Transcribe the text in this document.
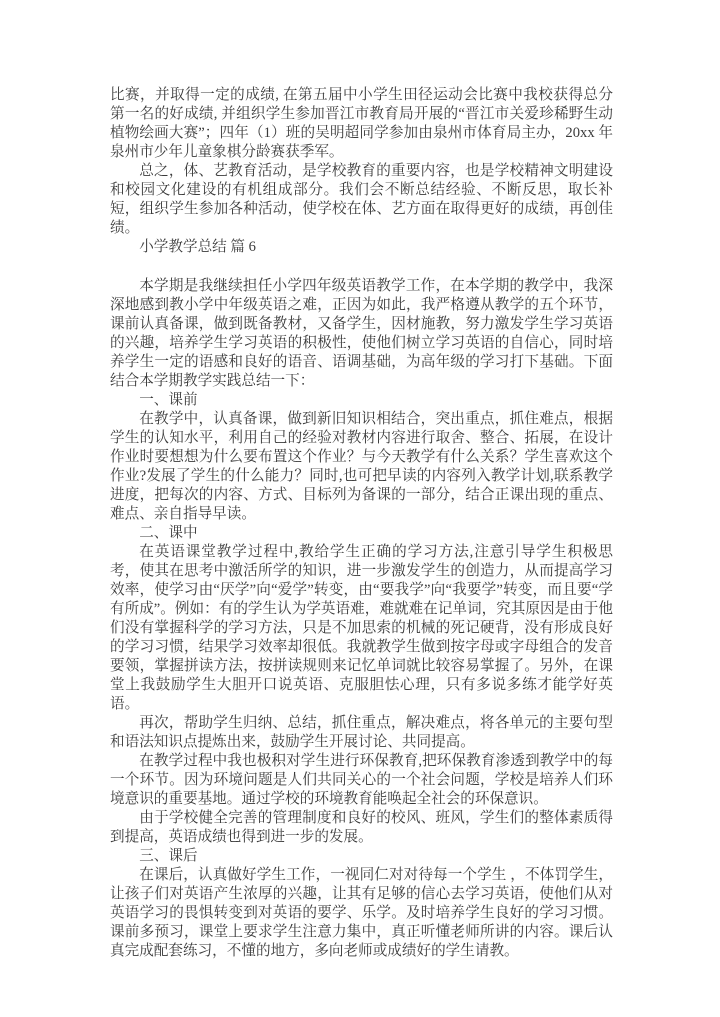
比赛，并取得一定的成绩, 在第五届中小学生田径运动会比赛中我校获得总分第一名的好成绩, 并组织学生参加晋江市教育局开展的“晋江市关爱珍稀野生动植物绘画大赛”；四年（1）班的吴明超同学参加由泉州市体育局主办，20xx 年泉州市少年儿童象棋分龄赛获季军。

总之，体、艺教育活动，是学校教育的重要内容，也是学校精神文明建设和校园文化建设的有机组成部分。我们会不断总结经验、不断反思，取长补短，组织学生参加各种活动，使学校在体、艺方面在取得更好的成绩，再创佳绩。

小学教学总结 篇 6

本学期是我继续担任小学四年级英语教学工作，在本学期的教学中，我深深地感到教小学中年级英语之难，正因为如此，我严格遵从教学的五个环节，课前认真备课，做到既备教材，又备学生，因材施教，努力激发学生学习英语的兴趣，培养学生学习英语的积极性，使他们树立学习英语的自信心，同时培养学生一定的语感和良好的语音、语调基础，为高年级的学习打下基础。下面结合本学期教学实践总结一下：

一、课前

在教学中，认真备课，做到新旧知识相结合，突出重点，抓住难点，根据学生的认知水平，利用自己的经验对教材内容进行取舍、整合、拓展，在设计作业时要想想为什么要布置这个作业？与今天教学有什么关系？学生喜欢这个作业?发展了学生的什么能力？同时,也可把早读的内容列入教学计划,联系教学进度，把每次的内容、方式、目标列为备课的一部分，结合正课出现的重点、难点、亲自指导早读。

二、课中

在英语课堂教学过程中,教给学生正确的学习方法,注意引导学生积极思考，使其在思考中激活所学的知识，进一步激发学生的创造力，从而提高学习效率，使学习由“厌学”向“爱学”转变，由“要我学”向“我要学”转变，而且要“学有所成”。例如：有的学生认为学英语难，难就难在记单词，究其原因是由于他们没有掌握科学的学习方法，只是不加思索的机械的死记硬背，没有形成良好的学习习惯，结果学习效率却很低。我就教学生做到按字母或字母组合的发音要领，掌握拼读方法，按拼读规则来记忆单词就比较容易掌握了。另外，在课堂上我鼓励学生大胆开口说英语、克服胆怯心理，只有多说多练才能学好英语。

再次，帮助学生归纳、总结，抓住重点，解决难点，将各单元的主要句型和语法知识点提炼出来，鼓励学生开展讨论、共同提高。

在教学过程中我也极积对学生进行环保教育,把环保教育渗透到教学中的每一个环节。因为环境问题是人们共同关心的一个社会问题，学校是培养人们环境意识的重要基地。通过学校的环境教育能唤起全社会的环保意识。

由于学校健全完善的管理制度和良好的校风、班风，学生们的整体素质得到提高，英语成绩也得到进一步的发展。

三、课后

在课后，认真做好学生工作，一视同仁对对待每一个学生 ，不体罚学生，让孩子们对英语产生浓厚的兴趣，让其有足够的信心去学习英语，使他们从对英语学习的畏惧转变到对英语的要学、乐学。及时培养学生良好的学习习惯。课前多预习，课堂上要求学生注意力集中，真正听懂老师所讲的内容。课后认真完成配套练习，不懂的地方，多向老师或成绩好的学生请教。
